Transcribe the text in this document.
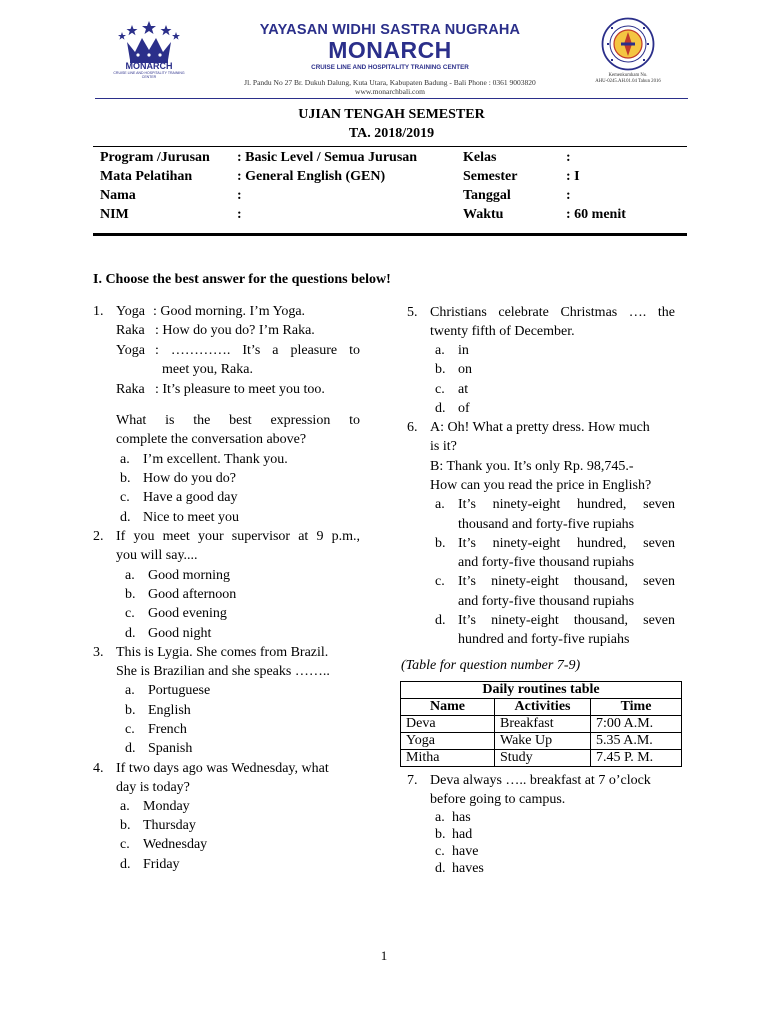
MONARCH
CRUISE LINE AND HOSPITALITY TRAINING CENTER
YAYASAN WIDHI SASTRA NUGRAHA
MONARCH
CRUISE LINE AND HOSPITALITY TRAINING CENTER
Jl. Pandu No 27 Br. Dukuh Dalung, Kuta Utara, Kabupaten Badung - Bali Phone : 0361 9003820
www.monarchbali.com
Kemenkumham No.
AHU-0245.AH.01.04 Tahun 2016
UJIAN TENGAH SEMESTER
TA. 2018/2019
Program /Jurusan : Basic Level / Semua Jurusan	Kelas	:
Mata Pelatihan	: General English (GEN)	Semester	: I
Nama	:	Tanggal	:
NIM	:	Waktu	: 60 menit
I. Choose the best answer for the questions below!
1. Yoga : Good morning. I’m Yoga.
Raka : How do you do? I’m Raka.
Yoga : …………. It’s a pleasure to
meet you, Raka.
Raka : It’s pleasure to meet you too.
What is the best expression to
complete the conversation above?
a. I’m excellent. Thank you.
b. How do you do?
c. Have a good day
d. Nice to meet you
2. If you meet your supervisor at 9 p.m.,
you will say....
a. Good morning
b. Good afternoon
c. Good evening
d. Good night
3. This is Lygia. She comes from Brazil.
She is Brazilian and she speaks ……..
a. Portuguese
b. English
c. French
d. Spanish
4. If two days ago was Wednesday, what
day is today?
a. Monday
b. Thursday
c. Wednesday
d. Friday
5. Christians celebrate Christmas …. the
twenty fifth of December.
a. in
b. on
c. at
d. of
6. A: Oh! What a pretty dress. How much
is it?
B: Thank you. It’s only Rp. 98,745.-
How can you read the price in English?
a. It’s ninety-eight hundred, seven
thousand and forty-five rupiahs
b. It’s ninety-eight hundred, seven
and forty-five thousand rupiahs
c. It’s ninety-eight thousand, seven
and forty-five thousand rupiahs
d. It’s ninety-eight thousand, seven
hundred and forty-five rupiahs
(Table for question number 7-9)
Daily routines table		
Name	Activities	Time
Deva	Breakfast	7:00 A.M.
Yoga	Wake Up	5.35 A.M.
Mitha	Study	7.45 P. M.
7. Deva always ….. breakfast at 7 o’clock
before going to campus.
a. has
b. had
c. have
d. haves
1
